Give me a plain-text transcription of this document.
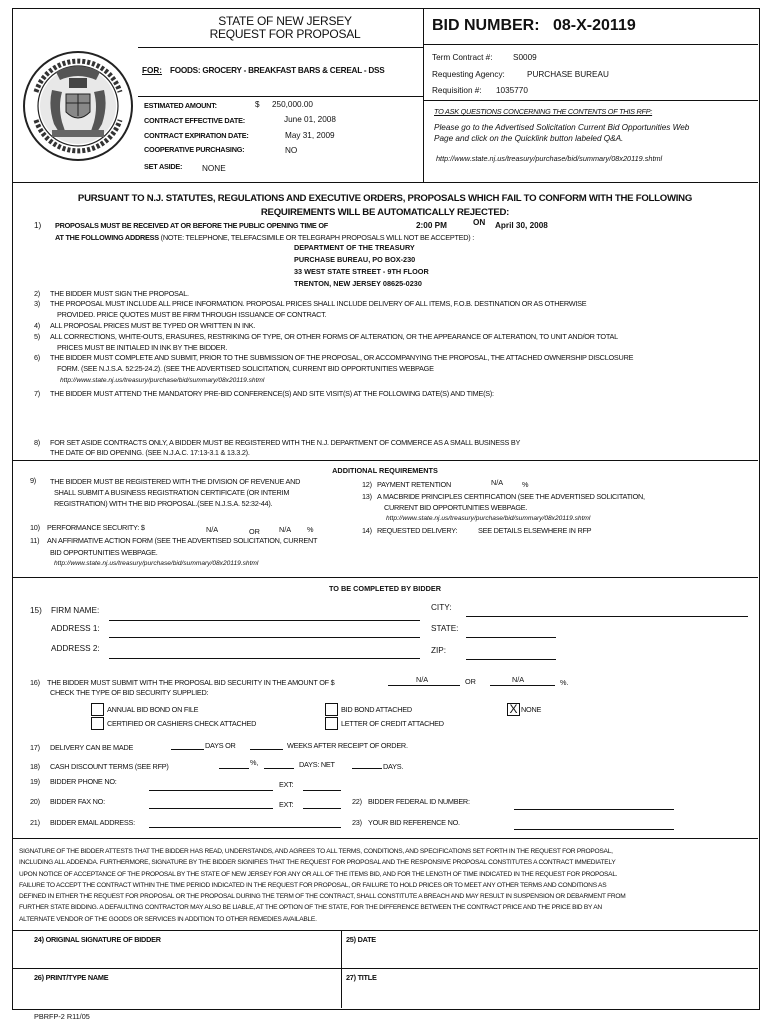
STATE OF NEW JERSEY
REQUEST FOR PROPOSAL	BID NUMBER: 08-X-20119
FOR: FOODS: GROCERY - BREAKFAST BARS & CEREAL - DSS
Term Contract #: S0009
Requesting Agency:	PURCHASE BUREAU
Requisition #: 1035770
ESTIMATED AMOUNT:	$ 250,000.00
CONTRACT EFFECTIVE DATE:	June 01, 2008
CONTRACT EXPIRATION DATE:	May 31, 2009
COOPERATIVE PURCHASING:	NO
SET ASIDE: NONE
TO ASK QUESTIONS CONCERNING THE CONTENTS OF THIS RFP:
Please go to the Advertised Solicitation Current Bid Opportunities Web
Page and click on the Quicklink button labeled Q&A.
http://www.state.nj.us/treasury/purchase/bid/summary/08x20119.shtml
PURSUANT TO N.J. STATUTES, REGULATIONS AND EXECUTIVE ORDERS, PROPOSALS WHICH FAIL TO CONFORM WITH THE FOLLOWING
REQUIREMENTS WILL BE AUTOMATICALLY REJECTED:
1) PROPOSALS MUST BE RECEIVED AT OR BEFORE THE PUBLIC OPENING TIME OF	2:00 PM	ON April 30, 2008
AT THE FOLLOWING ADDRESS (NOTE: TELEPHONE, TELEFACSIMILE OR TELEGRAPH PROPOSALS WILL NOT BE ACCEPTED) :
DEPARTMENT OF THE TREASURY
PURCHASE BUREAU, PO BOX-230
33 WEST STATE STREET - 9TH FLOOR
TRENTON, NEW JERSEY 08625-0230
2) THE BIDDER MUST SIGN THE PROPOSAL.
3) THE PROPOSAL MUST INCLUDE ALL PRICE INFORMATION. PROPOSAL PRICES SHALL INCLUDE DELIVERY OF ALL ITEMS, F.O.B. DESTINATION OR AS OTHERWISE
PROVIDED. PRICE QUOTES MUST BE FIRM THROUGH ISSUANCE OF CONTRACT.
4) ALL PROPOSAL PRICES MUST BE TYPED OR WRITTEN IN INK.
5) ALL CORRECTIONS, WHITE-OUTS, ERASURES, RESTRIKING OF TYPE, OR OTHER FORMS OF ALTERATION, OR THE APPEARANCE OF ALTERATION, TO UNIT AND/OR TOTAL
PRICES MUST BE INITIALED IN INK BY THE BIDDER.
6) THE BIDDER MUST COMPLETE AND SUBMIT, PRIOR TO THE SUBMISSION OF THE PROPOSAL, OR ACCOMPANYING THE PROPOSAL, THE ATTACHED OWNERSHIP DISCLOSURE
FORM. (SEE N.J.S.A. 52:25-24.2). (SEE THE ADVERTISED SOLICITATION, CURRENT BID OPPORTUNITIES WEBPAGE
http://www.state.nj.us/treasury/purchase/bid/summary/08x20119.shtml
7) THE BIDDER MUST ATTEND THE MANDATORY PRE-BID CONFERENCE(S) AND SITE VISIT(S) AT THE FOLLOWING DATE(S) AND TIME(S):
8) FOR SET ASIDE CONTRACTS ONLY, A BIDDER MUST BE REGISTERED WITH THE N.J. DEPARTMENT OF COMMERCE AS A SMALL BUSINESS BY
THE DATE OF BID OPENING. (SEE N.J.A.C. 17:13-3.1 & 13.3.2).
ADDITIONAL REQUIREMENTS
9) THE BIDDER MUST BE REGISTERED WITH THE DIVISION OF REVENUE AND
SHALL SUBMIT A BUSINESS REGISTRATION CERTIFICATE (OR INTERIM
REGISTRATION) WITH THE BID PROPOSAL.(SEE N.J.S.A. 52:32-44).
10) PERFORMANCE SECURITY: $	N/A	OR	N/A %
11) AN AFFIRMATIVE ACTION FORM (SEE THE ADVERTISED SOLICITATION, CURRENT
BID OPPORTUNITIES WEBPAGE.
http://www.state.nj.us/treasury/purchase/bid/summary/08x20119.shtml
12) PAYMENT RETENTION	N/A	%
13) A MACBRIDE PRINCIPLES CERTIFICATION (SEE THE ADVERTISED SOLICITATION,
CURRENT BID OPPORTUNITIES WEBPAGE.
http://www.state.nj.us/treasury/purchase/bid/summary/08x20119.shtml
14) REQUESTED DELIVERY:	SEE DETAILS ELSEWHERE IN RFP
TO BE COMPLETED BY BIDDER
15) FIRM NAME:	CITY:
ADDRESS 1:	STATE:
ADDRESS 2:	ZIP:
16) THE BIDDER MUST SUBMIT WITH THE PROPOSAL BID SECURITY IN THE AMOUNT OF $	N/A	OR	N/A	%.
CHECK THE TYPE OF BID SECURITY SUPPLIED:
ANNUAL BID BOND ON FILE
CERTIFIED OR CASHIERS CHECK ATTACHED
BID BOND ATTACHED
LETTER OF CREDIT ATTACHED
X NONE
17) DELIVERY CAN BE MADE	DAYS OR	WEEKS AFTER RECEIPT OF ORDER.
18) CASH DISCOUNT TERMS (SEE RFP)	%,	DAYS: NET	DAYS.
19) BIDDER PHONE NO:	EXT:
20) BIDDER FAX NO:	EXT:	22) BIDDER FEDERAL ID NUMBER:
21) BIDDER EMAIL ADDRESS:	23) YOUR BID REFERENCE NO.
SIGNATURE OF THE BIDDER ATTESTS THAT THE BIDDER HAS READ, UNDERSTANDS, AND AGREES TO ALL TERMS, CONDITIONS, AND SPECIFICATIONS SET FORTH IN THE REQUEST FOR PROPOSAL,
INCLUDING ALL ADDENDA. FURTHERMORE, SIGNATURE BY THE BIDDER SIGNIFIES THAT THE REQUEST FOR PROPOSAL AND THE RESPONSIVE PROPOSAL CONSTITUTES A CONTRACT IMMEDIATELY
UPON NOTICE OF ACCEPTANCE OF THE PROPOSAL BY THE STATE OF NEW JERSEY FOR ANY OR ALL OF THE ITEMS BID, AND FOR THE LENGTH OF TIME INDICATED IN THE REQUEST FOR PROPOSAL.
FAILURE TO ACCEPT THE CONTRACT WITHIN THE TIME PERIOD INDICATED IN THE REQUEST FOR PROPOSAL, OR FAILURE TO HOLD PRICES OR TO MEET ANY OTHER TERMS AND CONDITIONS AS
DEFINED IN EITHER THE REQUEST FOR PROPOSAL OR THE PROPOSAL DURING THE TERM OF THE CONTRACT, SHALL CONSTITUTE A BREACH AND MAY RESULT IN SUSPENSION OR DEBARMENT FROM
FURTHER STATE BIDDING. A DEFAULTING CONTRACTOR MAY ALSO BE LIABLE, AT THE OPTION OF THE STATE, FOR THE DIFFERENCE BETWEEN THE CONTRACT PRICE AND THE PRICE BID BY AN
ALTERNATE VENDOR OF THE GOODS OR SERVICES IN ADDITION TO OTHER REMEDIES AVAILABLE.
24) ORIGINAL SIGNATURE OF BIDDER	25) DATE
26) PRINT/TYPE NAME	27) TITLE
PBRFP-2 R11/05
